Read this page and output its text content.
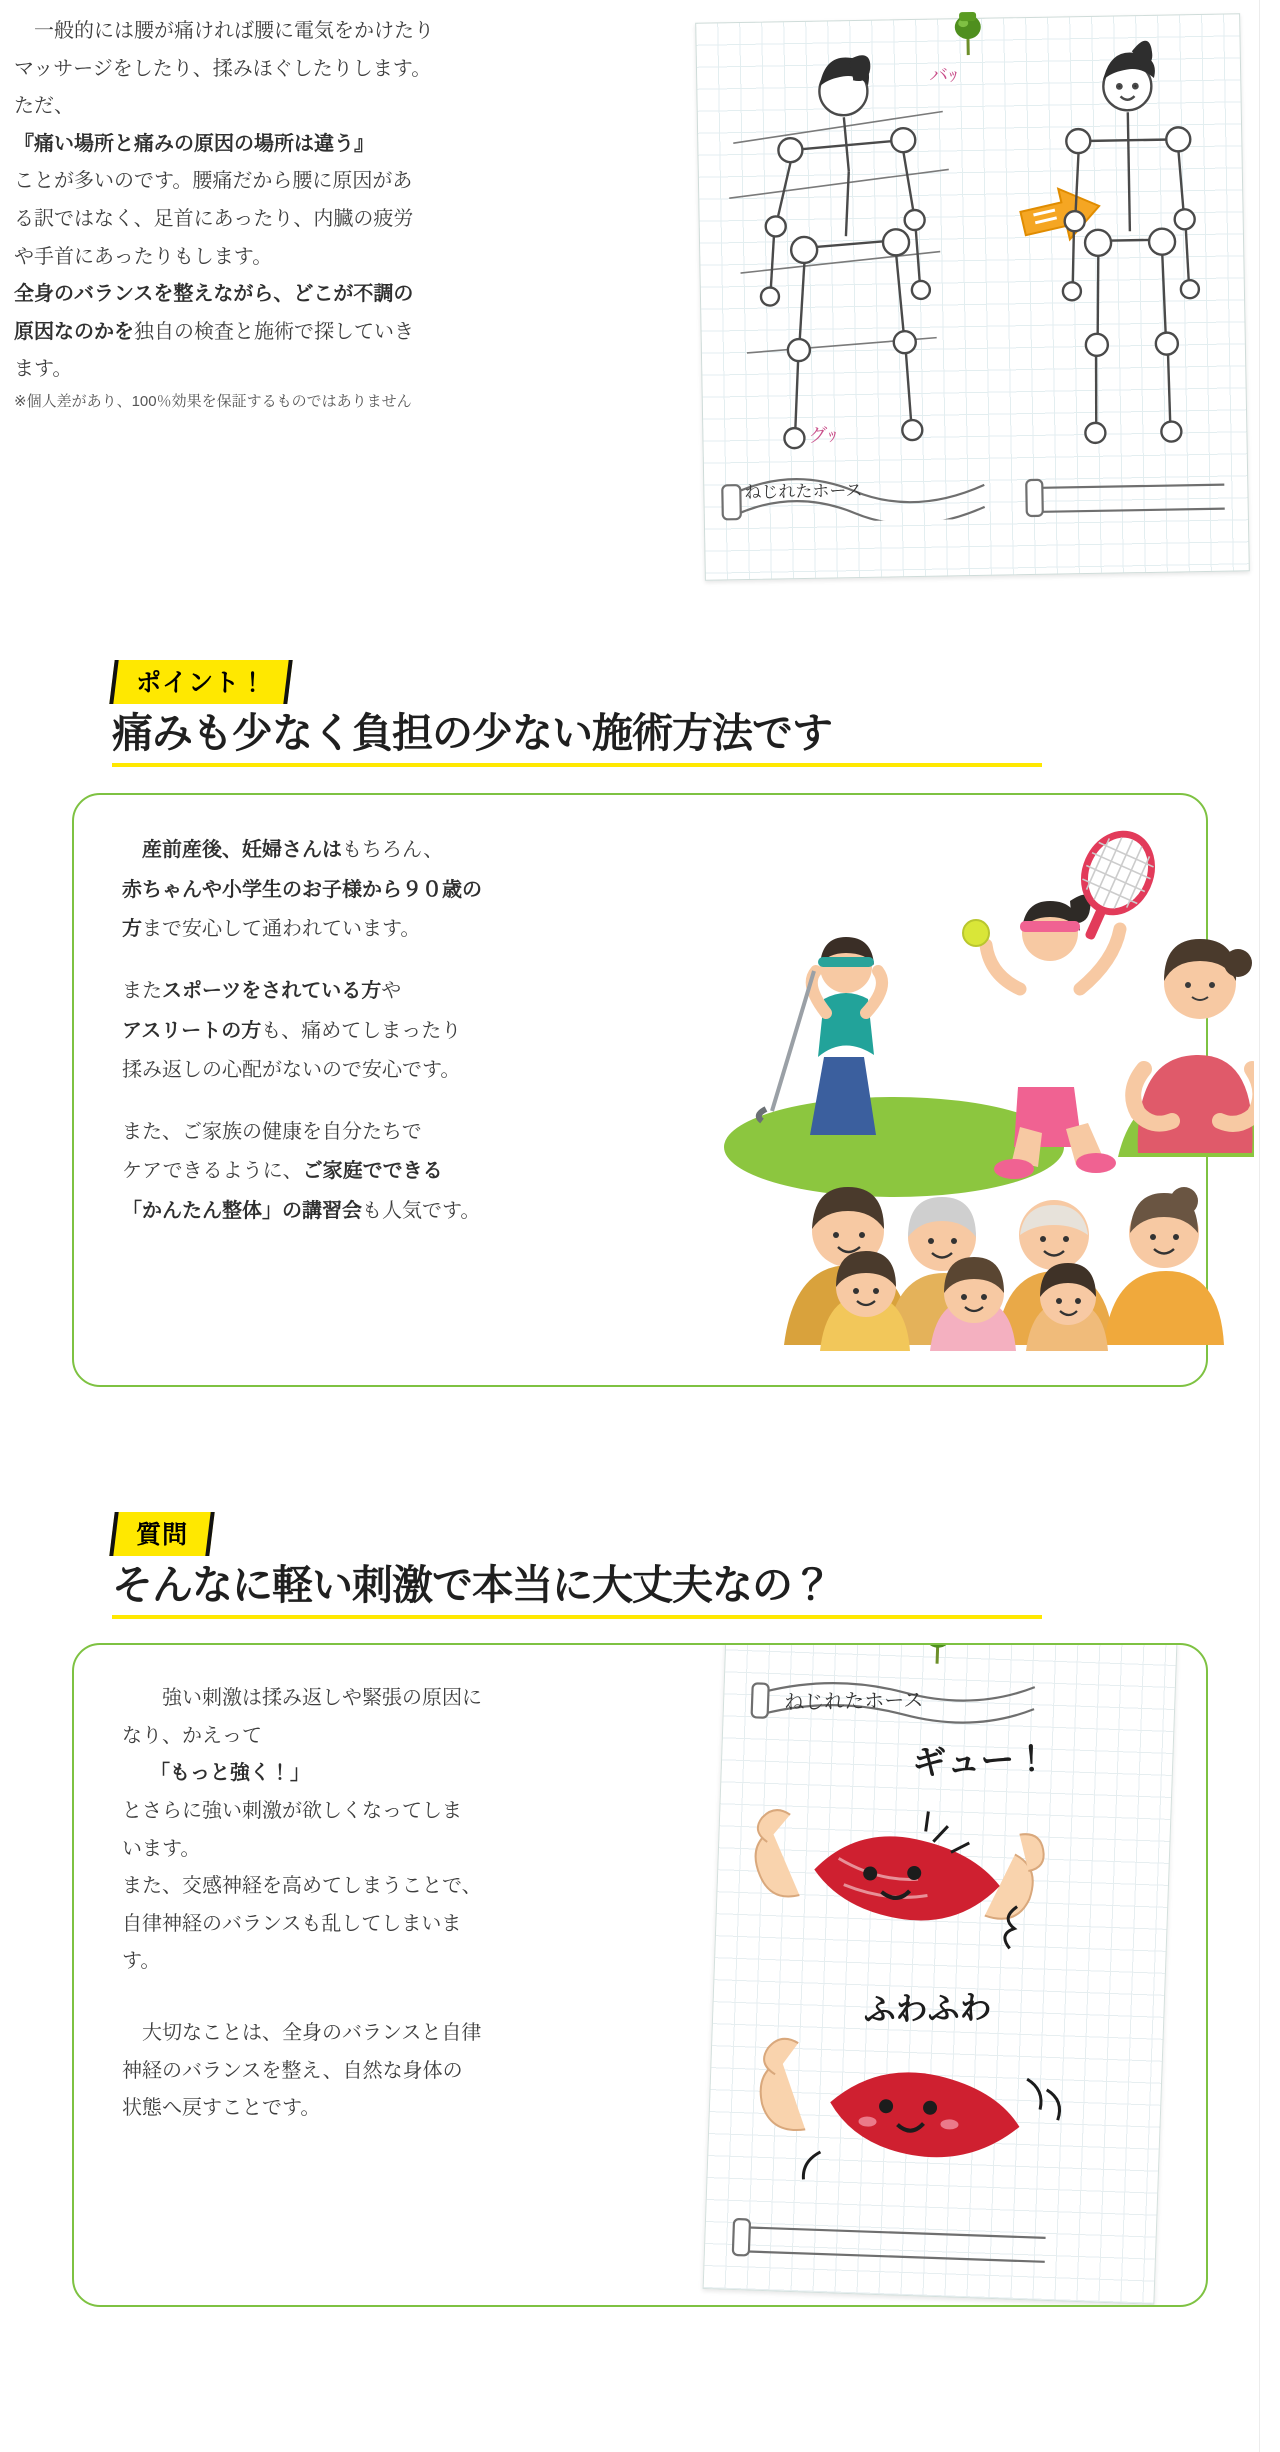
　一般的には腰が痛ければ腰に電気をかけたり

マッサージをしたり、揉みほぐしたりします。

ただ、

『痛い場所と痛みの原因の場所は違う』

ことが多いのです。腰痛だから腰に原因があ

る訳ではなく、足首にあったり、内臓の疲労

や手首にあったりもします。

全身のバランスを整えながら、どこが不調の

原因なのかを独自の検査と施術で探していき

ます。

※個人差があり、100％効果を保証するものではありません

バｯ
グｯ
ねじれたホース
ポイント！
痛みも少なく負担の少ない施術方法です

　産前産後、妊婦さんはもちろん、

赤ちゃんや小学生のお子様から９０歳の

方まで安心して通われています。

またスポーツをされている方や

アスリートの方も、痛めてしまったり

揉み返しの心配がないので安心です。

また、ご家族の健康を自分たちで

ケアできるように、ご家庭でできる

「かんたん整体」の講習会も人気です。

質問
そんなに軽い刺激で本当に大丈夫なの？

　　強い刺激は揉み返しや緊張の原因に

なり、かえって

「もっと強く！」

とさらに強い刺激が欲しくなってしま

います。

また、交感神経を高めてしまうことで、

自律神経のバランスも乱してしまいま

す。

　大切なことは、全身のバランスと自律

神経のバランスを整え、自然な身体の

状態へ戻すことです。

ねじれたホース
ギュー！
ふわふわ
